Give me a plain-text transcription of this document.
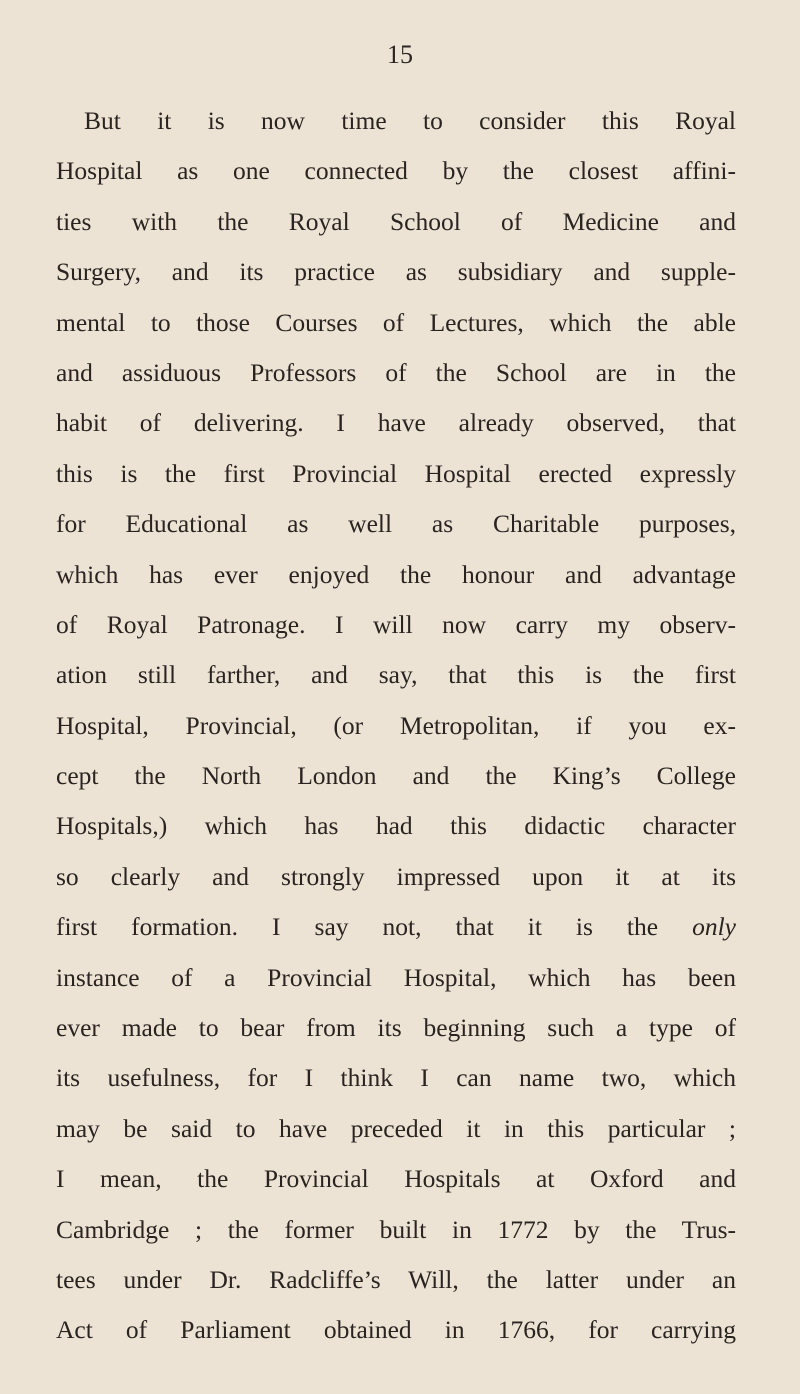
15
But it is now time to consider this Royal
Hospital as one connected by the closest affini-
ties with the Royal School of Medicine and
Surgery, and its practice as subsidiary and supple-
mental to those Courses of Lectures, which the able
and assiduous Professors of the School are in the
habit of delivering. I have already observed, that
this is the first Provincial Hospital erected expressly
for Educational as well as Charitable purposes,
which has ever enjoyed the honour and advantage
of Royal Patronage. I will now carry my observ-
ation still farther, and say, that this is the first
Hospital, Provincial, (or Metropolitan, if you ex-
cept the North London and the King’s College
Hospitals,) which has had this didactic character
so clearly and strongly impressed upon it at its
first formation. I say not, that it is the only
instance of a Provincial Hospital, which has been
ever made to bear from its beginning such a type of
its usefulness, for I think I can name two, which
may be said to have preceded it in this particular ;
I mean, the Provincial Hospitals at Oxford and
Cambridge ; the former built in 1772 by the Trus-
tees under Dr. Radcliffe’s Will, the latter under an
Act of Parliament obtained in 1766, for carrying
